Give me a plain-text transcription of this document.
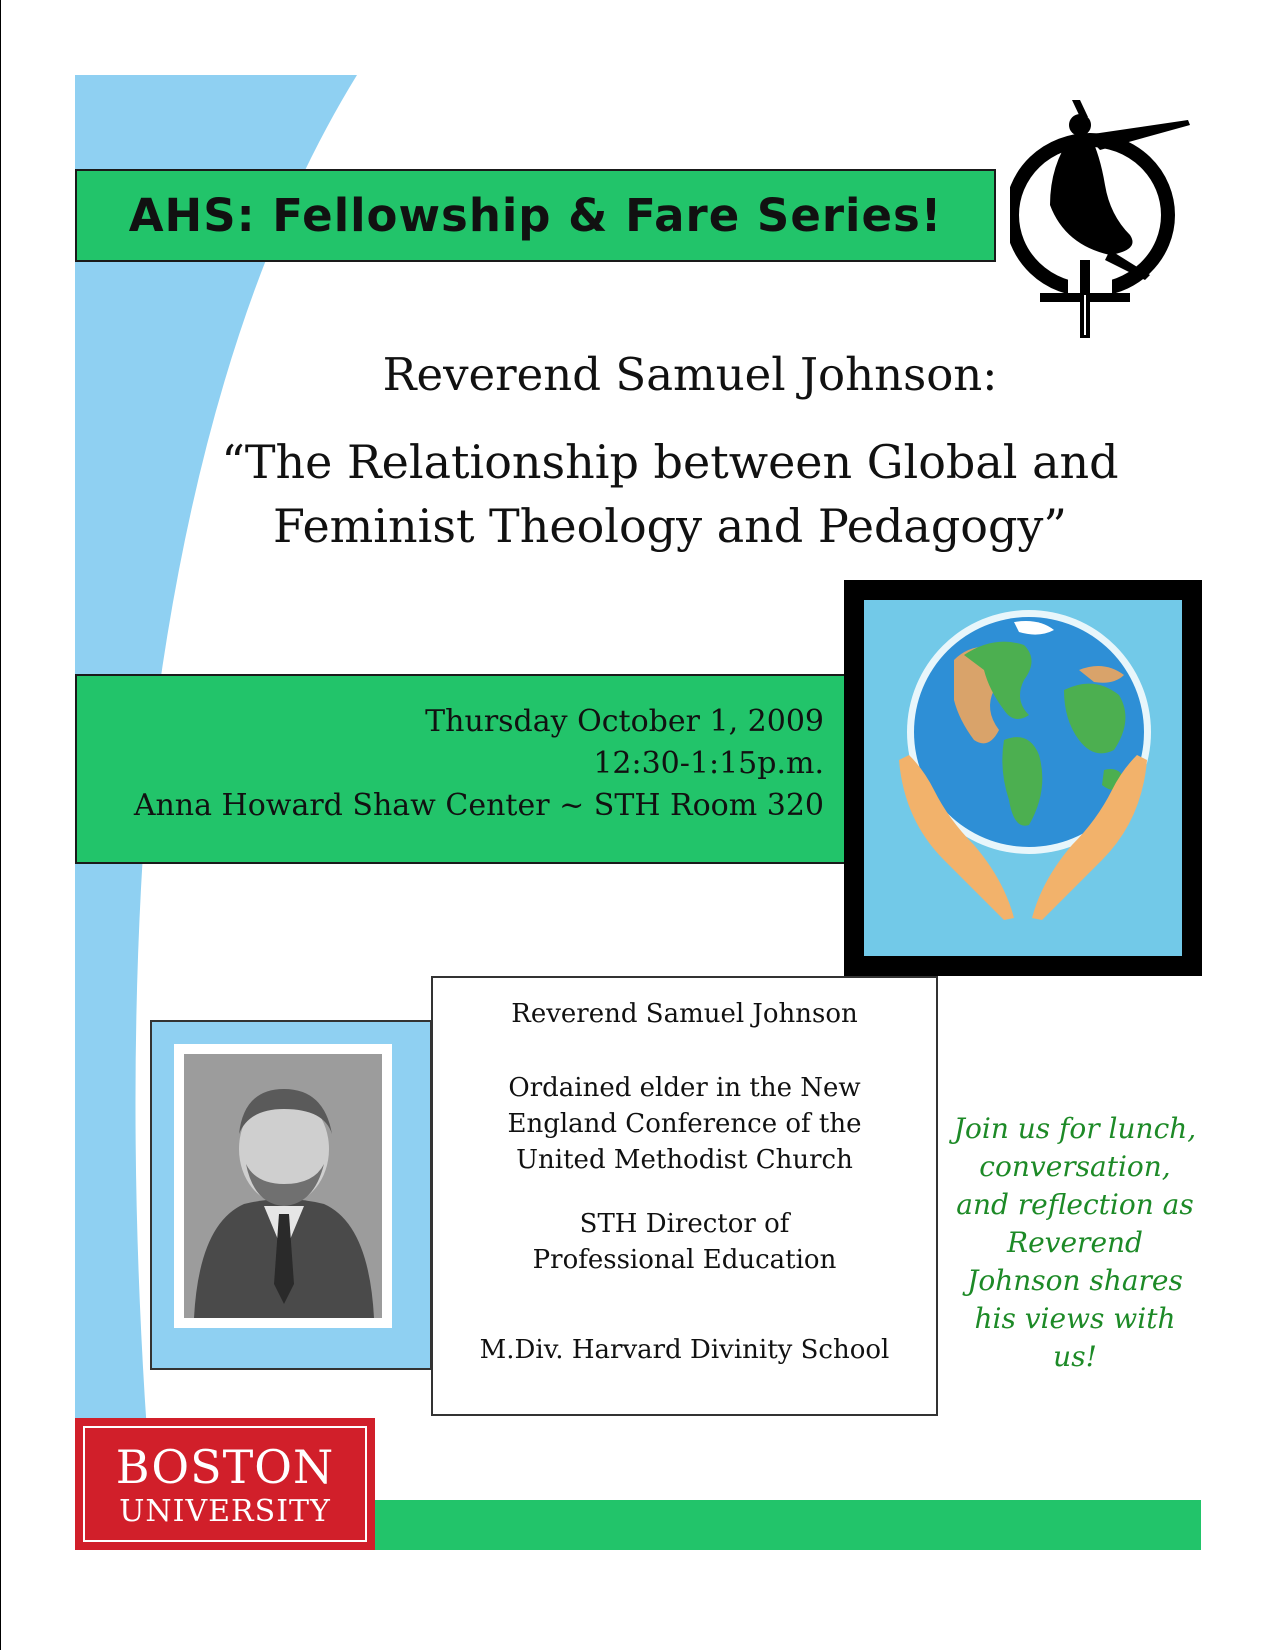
AHS: Fellowship & Fare Series!
Reverend Samuel Johnson:
“The Relationship between Global and
Feminist Theology and Pedagogy”
Thursday October 1, 2009
12:30-1:15p.m.
Anna Howard Shaw Center ~ STH Room 320
Reverend Samuel Johnson
Ordained elder in the New England Conference of the United Methodist Church
STH Director of Professional Education
M.Div. Harvard Divinity School
Join us for lunch, conversation, and reflection as Reverend Johnson shares his views with us!
BOSTON
UNIVERSITY
